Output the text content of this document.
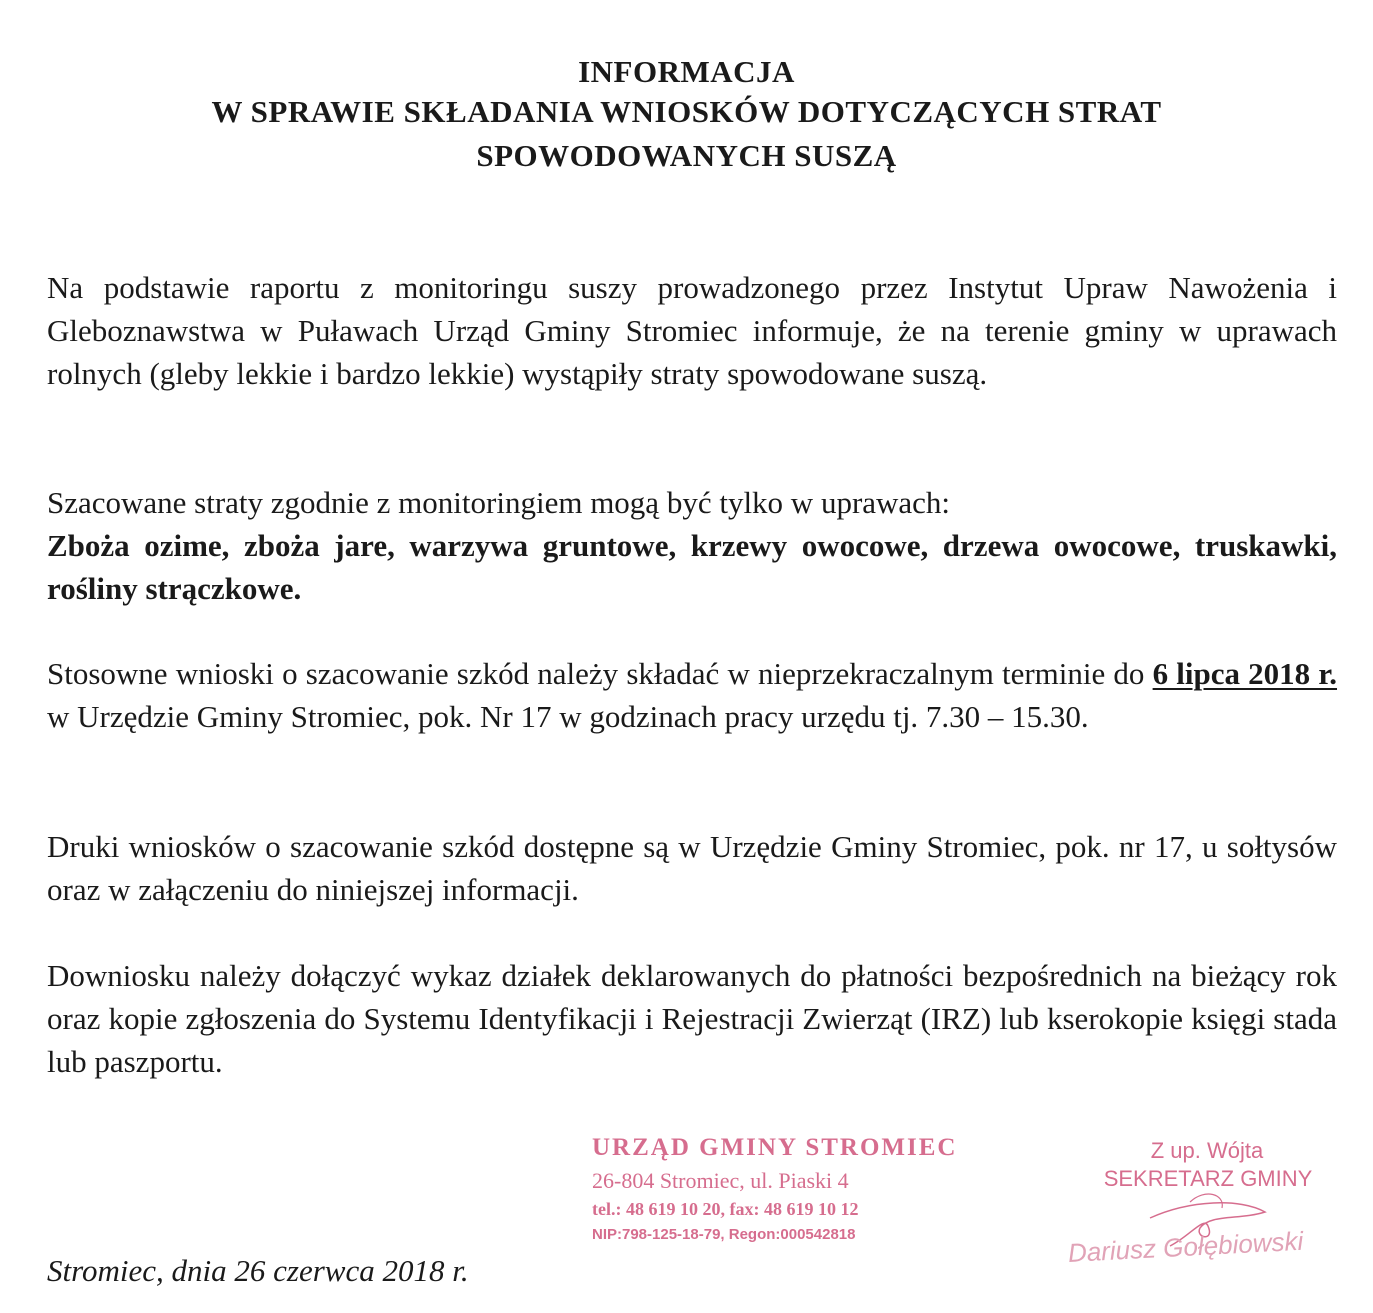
INFORMACJA
W SPRAWIE SKŁADANIA WNIOSKÓW DOTYCZĄCYCH STRAT
SPOWODOWANYCH SUSZĄ
Na podstawie raportu z monitoringu suszy prowadzonego przez Instytut Upraw Nawożenia i Gleboznawstwa w Puławach Urząd Gminy Stromiec informuje, że na terenie gminy w uprawach rolnych (gleby lekkie i bardzo lekkie) wystąpiły straty spowodowane suszą.
Szacowane straty zgodnie z monitoringiem mogą być tylko w uprawach:
Zboża ozime, zboża jare, warzywa gruntowe, krzewy owocowe, drzewa owocowe, truskawki, rośliny strączkowe.
Stosowne wnioski o szacowanie szkód należy składać w nieprzekraczalnym terminie do 6 lipca 2018 r. w Urzędzie Gminy Stromiec, pok. Nr 17 w godzinach pracy urzędu tj. 7.30 – 15.30.
Druki wniosków o szacowanie szkód dostępne są w Urzędzie Gminy Stromiec, pok. nr 17, u sołtysów oraz w załączeniu do niniejszej informacji.
Downiosku należy dołączyć wykaz działek deklarowanych do płatności bezpośrednich na bieżący rok oraz kopie zgłoszenia do Systemu Identyfikacji i Rejestracji Zwierząt (IRZ) lub kserokopie księgi stada lub paszportu.
URZĄD GMINY STROMIEC
26-804 Stromiec, ul. Piaski 4
tel.: 48 619 10 20, fax: 48 619 10 12
NIP:798-125-18-79, Regon:000542818
Z up. Wójta
SEKRETARZ GMINY
Dariusz Gołębiowski
Stromiec, dnia 26 czerwca 2018 r.
